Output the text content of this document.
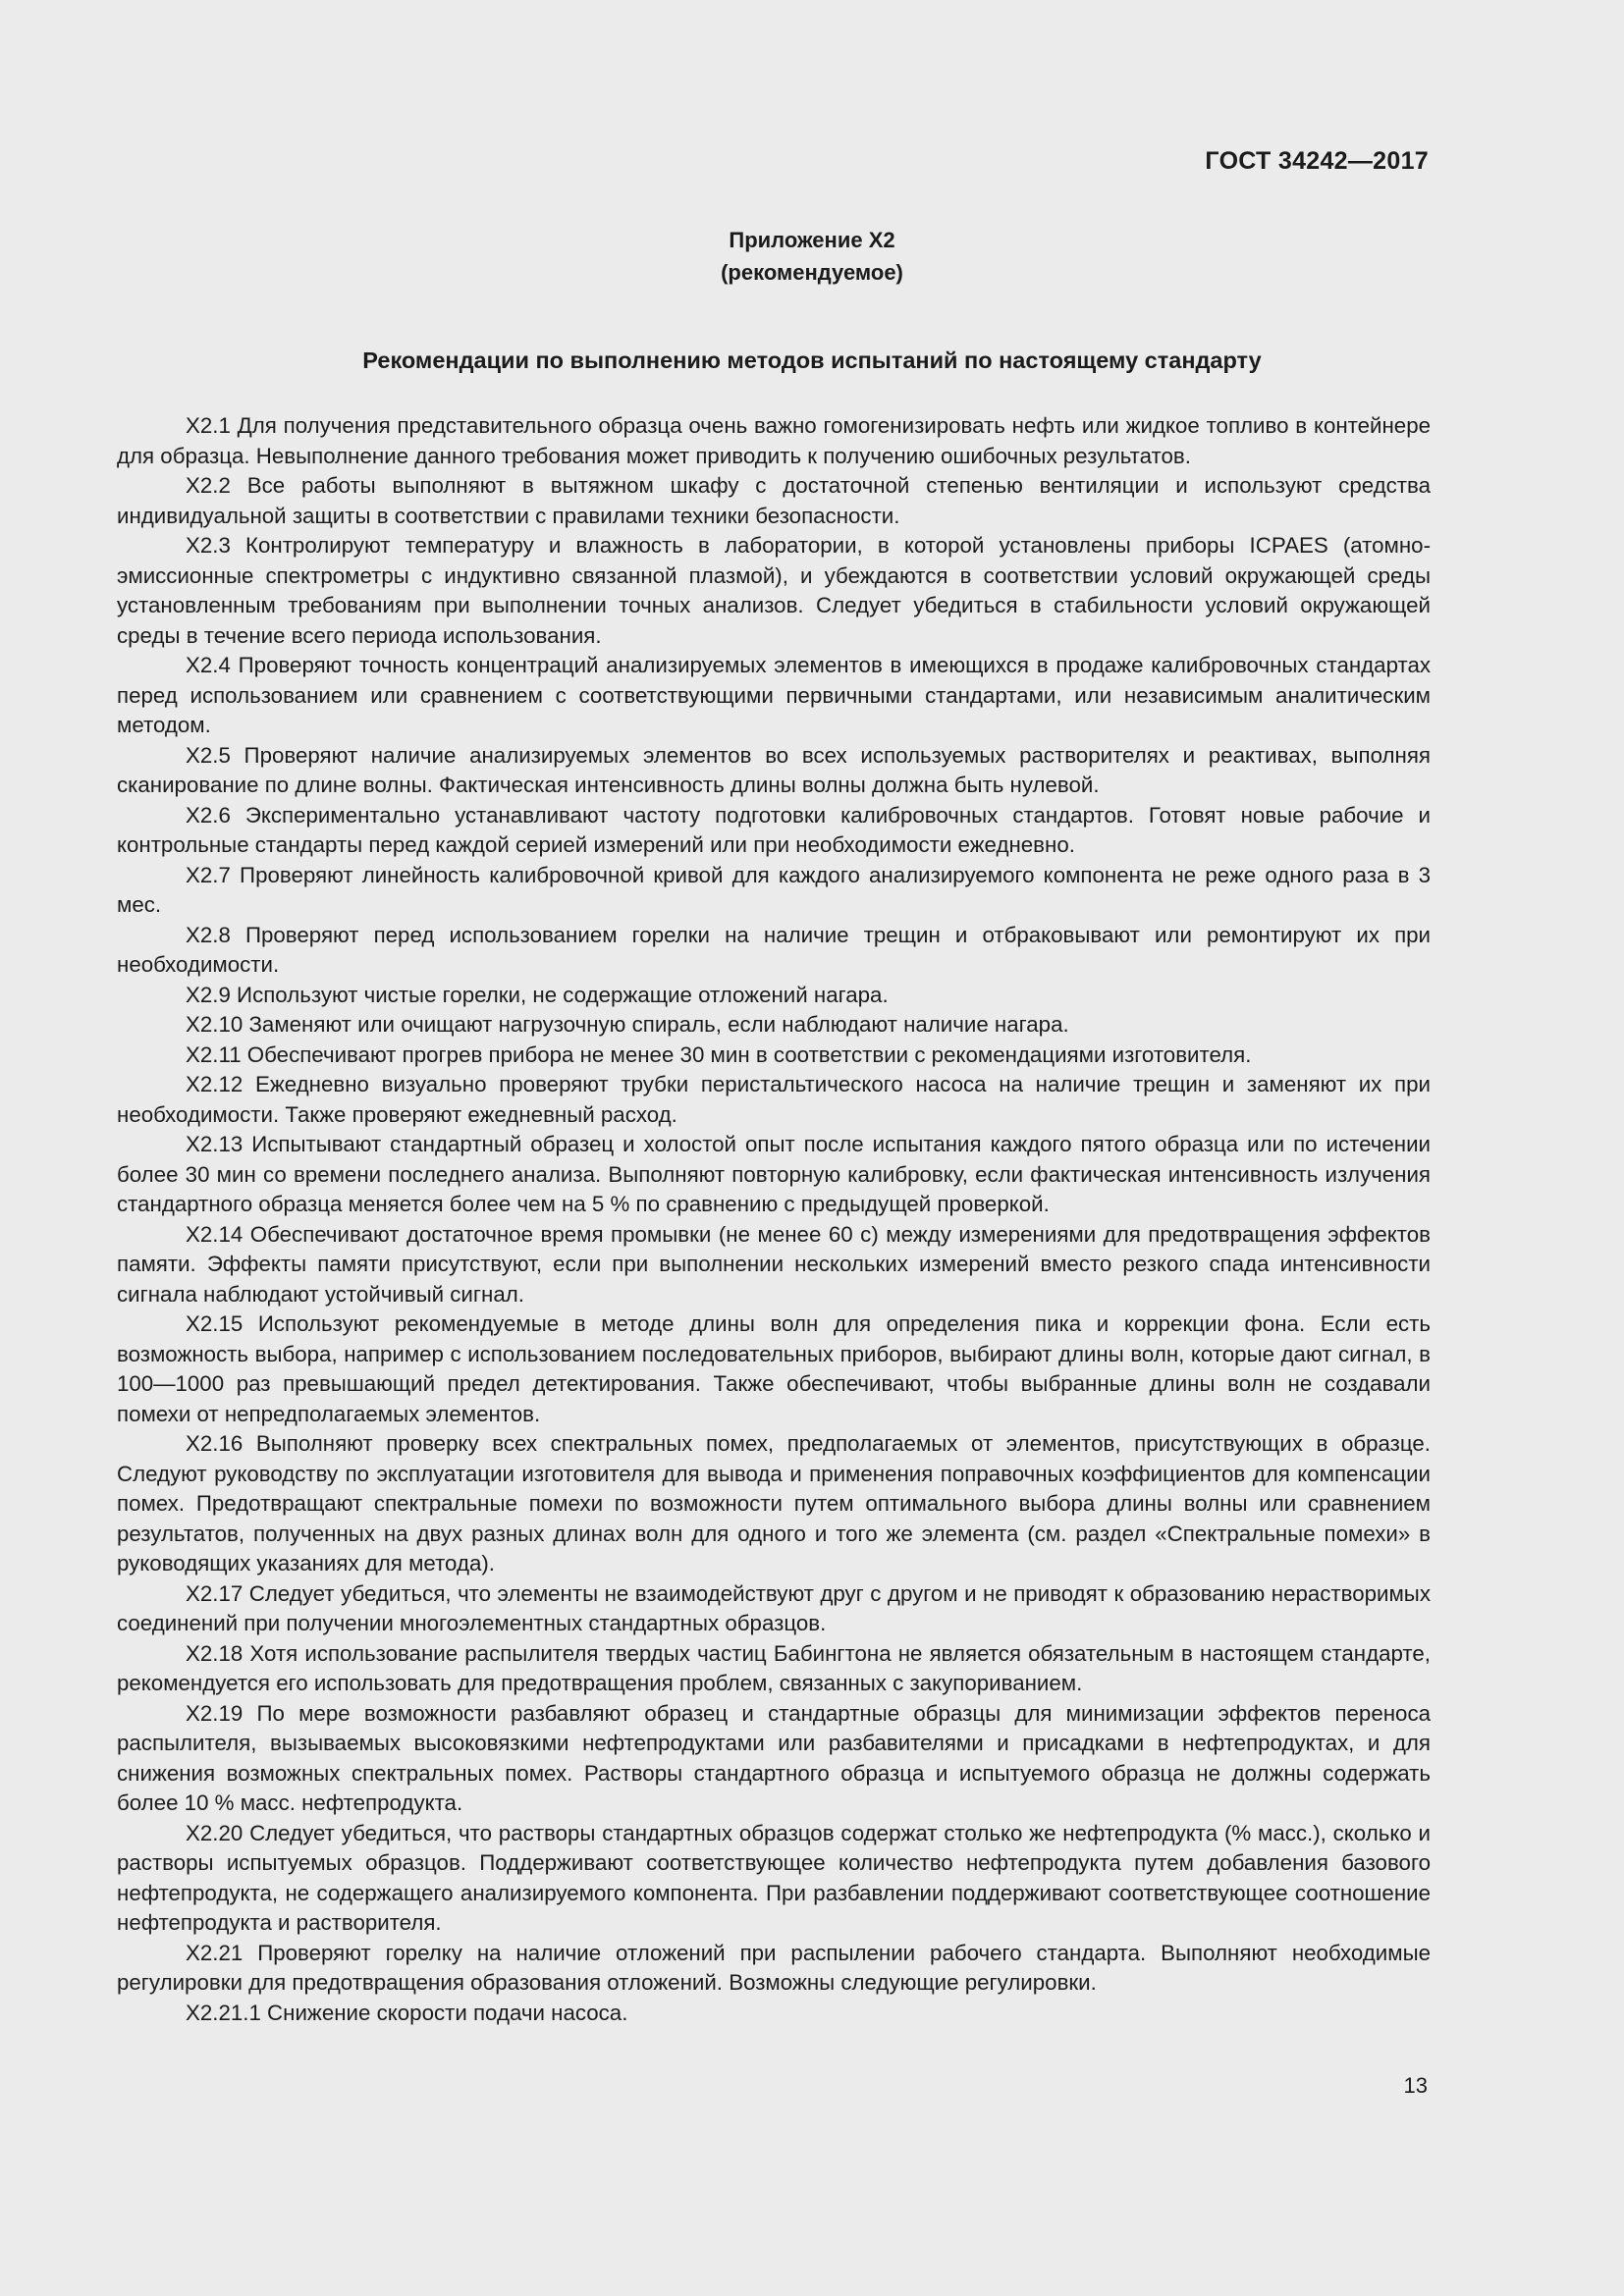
ГОСТ 34242—2017
Приложение Х2
(рекомендуемое)
Рекомендации по выполнению методов испытаний по настоящему стандарту

Х2.1 Для получения представительного образца очень важно гомогенизировать нефть или жидкое топливо в контейнере для образца. Невыполнение данного требования может приводить к получению ошибочных результатов.

Х2.2 Все работы выполняют в вытяжном шкафу с достаточной степенью вентиляции и используют средства индивидуальной защиты в соответствии с правилами техники безопасности.

Х2.3 Контролируют температуру и влажность в лаборатории, в которой установлены приборы ICPAES (атомно-эмиссионные спектрометры с индуктивно связанной плазмой), и убеждаются в соответствии условий окружающей среды установленным требованиям при выполнении точных анализов. Следует убедиться в стабильности условий окружающей среды в течение всего периода использования.

Х2.4 Проверяют точность концентраций анализируемых элементов в имеющихся в продаже калибровочных стандартах перед использованием или сравнением с соответствующими первичными стандартами, или независимым аналитическим методом.

Х2.5 Проверяют наличие анализируемых элементов во всех используемых растворителях и реактивах, выполняя сканирование по длине волны. Фактическая интенсивность длины волны должна быть нулевой.

Х2.6 Экспериментально устанавливают частоту подготовки калибровочных стандартов. Готовят новые рабочие и контрольные стандарты перед каждой серией измерений или при необходимости ежедневно.

Х2.7 Проверяют линейность калибровочной кривой для каждого анализируемого компонента не реже одного раза в 3 мес.

Х2.8 Проверяют перед использованием горелки на наличие трещин и отбраковывают или ремонтируют их при необходимости.

Х2.9 Используют чистые горелки, не содержащие отложений нагара.

Х2.10 Заменяют или очищают нагрузочную спираль, если наблюдают наличие нагара.

Х2.11 Обеспечивают прогрев прибора не менее 30 мин в соответствии с рекомендациями изготовителя.

Х2.12 Ежедневно визуально проверяют трубки перистальтического насоса на наличие трещин и заменяют их при необходимости. Также проверяют ежедневный расход.

Х2.13 Испытывают стандартный образец и холостой опыт после испытания каждого пятого образца или по истечении более 30 мин со времени последнего анализа. Выполняют повторную калибровку, если фактическая интенсивность излучения стандартного образца меняется более чем на 5 % по сравнению с предыдущей проверкой.

Х2.14 Обеспечивают достаточное время промывки (не менее 60 с) между измерениями для предотвращения эффектов памяти. Эффекты памяти присутствуют, если при выполнении нескольких измерений вместо резкого спада интенсивности сигнала наблюдают устойчивый сигнал.

Х2.15 Используют рекомендуемые в методе длины волн для определения пика и коррекции фона. Если есть возможность выбора, например с использованием последовательных приборов, выбирают длины волн, которые дают сигнал, в 100—1000 раз превышающий предел детектирования. Также обеспечивают, чтобы выбранные длины волн не создавали помехи от непредполагаемых элементов.

Х2.16 Выполняют проверку всех спектральных помех, предполагаемых от элементов, присутствующих в образце. Следуют руководству по эксплуатации изготовителя для вывода и применения поправочных коэффициентов для компенсации помех. Предотвращают спектральные помехи по возможности путем оптимального выбора длины волны или сравнением результатов, полученных на двух разных длинах волн для одного и того же элемента (см. раздел «Спектральные помехи» в руководящих указаниях для метода).

Х2.17 Следует убедиться, что элементы не взаимодействуют друг с другом и не приводят к образованию нерастворимых соединений при получении многоэлементных стандартных образцов.

Х2.18 Хотя использование распылителя твердых частиц Бабингтона не является обязательным в настоящем стандарте, рекомендуется его использовать для предотвращения проблем, связанных с закупориванием.

Х2.19 По мере возможности разбавляют образец и стандартные образцы для минимизации эффектов переноса распылителя, вызываемых высоковязкими нефтепродуктами или разбавителями и присадками в нефтепродуктах, и для снижения возможных спектральных помех. Растворы стандартного образца и испытуемого образца не должны содержать более 10 % масс. нефтепродукта.

Х2.20 Следует убедиться, что растворы стандартных образцов содержат столько же нефтепродукта (% масс.), сколько и растворы испытуемых образцов. Поддерживают соответствующее количество нефтепродукта путем добавления базового нефтепродукта, не содержащего анализируемого компонента. При разбавлении поддерживают соответствующее соотношение нефтепродукта и растворителя.

Х2.21 Проверяют горелку на наличие отложений при распылении рабочего стандарта. Выполняют необходимые регулировки для предотвращения образования отложений. Возможны следующие регулировки.

Х2.21.1 Снижение скорости подачи насоса.

13
